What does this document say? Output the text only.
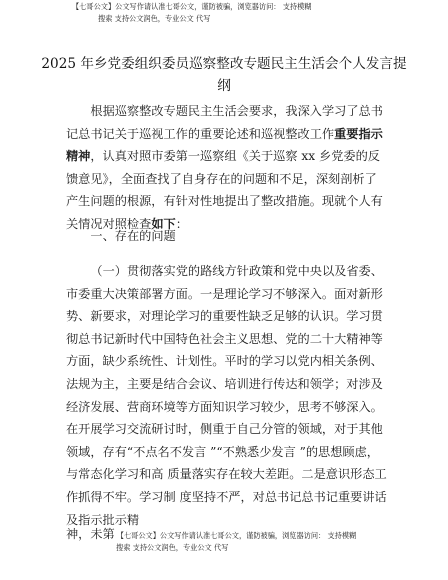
【七哥公文】公文写作请认准七哥公文，谨防被骗，浏览器访问： 支持模糊
搜索 支持公文润色，专业公文 代写
2025 年乡党委组织委员巡察整改专题民主生活会个人发言提纲

根据巡察整改专题民主生活会要求，我深入学习了总书记总书记关于巡视工作的重要论述和巡视整改工作重要指示精神，认真对照市委第一巡察组《关于巡察 xx 乡党委的反馈意见》，全面查找了自身存在的问题和不足，深刻剖析了产生问题的根源，有针对性地提出了整改措施。现就个人有关情况对照检查如下：

一、存在的问题

（一）贯彻落实党的路线方针政策和党中央以及省委、市委重大决策部署方面。一是理论学习不够深入。面对新形势、新要求，对理论学习的重要性缺乏足够的认识。学习贯彻总书记新时代中国特色社会主义思想、党的二十大精神等方面，缺少系统性、计划性。平时的学习以党内相关条例、法规为主，主要是结合会议、培训进行传达和领学；对涉及经济发展、营商环境等方面知识学习较少，思考不够深入。在开展学习交流研讨时，侧重于自己分管的领域，对于其他领域，存有“不点名不发言 ”“不熟悉少发言 ”的思想顾虑，与常态化学习和高 质量落实存在较大差距。二是意识形态工作抓得不牢。学习制 度坚持不严，对总书记总书记重要讲话及指示批示精

神，未第 【七哥公文】公文写作请认准七哥公文，谨防被骗，浏览器访问： 支持模糊
搜索 支持公文润色，专业公文 代写
